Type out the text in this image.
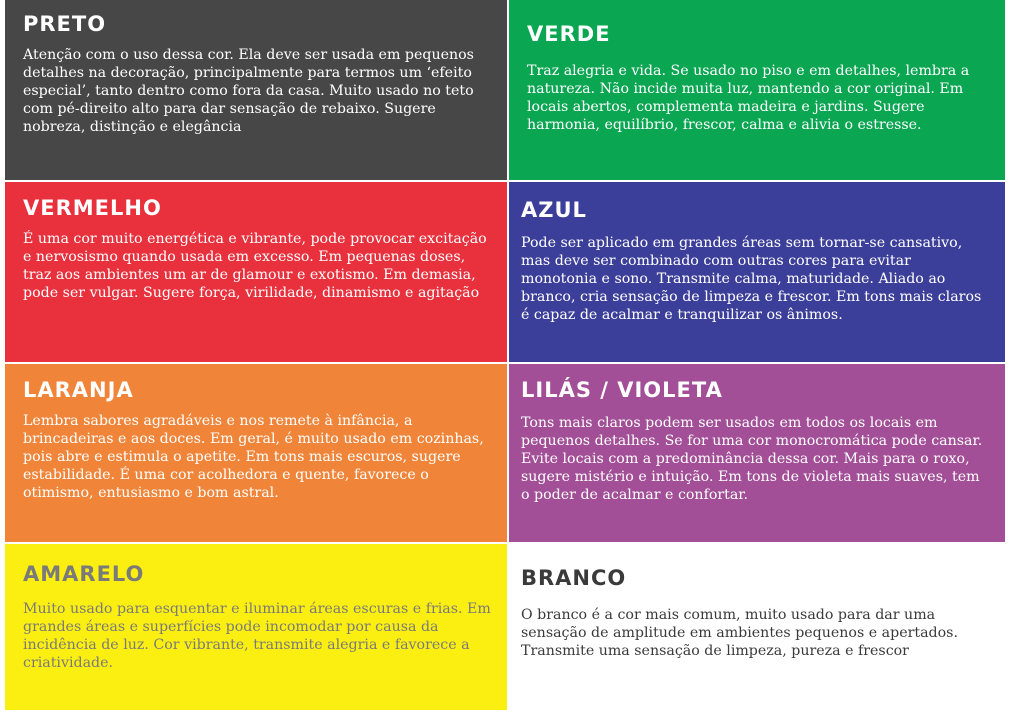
PRETO

Atenção com o uso dessa cor. Ela deve ser usada em pequenos detalhes na decoração, principalmente para termos um ‘efeito especial’, tanto dentro como fora da casa. Muito usado no teto com pé-direito alto para dar sensação de rebaixo. Sugere nobreza, distinção e elegância

VERDE

Traz alegria e vida. Se usado no piso e em detalhes, lembra a natureza. Não incide muita luz, mantendo a cor original. Em locais abertos, complementa madeira e jardins. Sugere harmonia, equilíbrio, frescor, calma e alivia o estresse.

VERMELHO

É uma cor muito energética e vibrante, pode provocar excitação e nervosismo quando usada em excesso. Em pequenas doses, traz aos ambientes um ar de glamour e exotismo. Em demasia, pode ser vulgar. Sugere força, virilidade, dinamismo e agitação

AZUL

Pode ser aplicado em grandes áreas sem tornar-se cansativo, mas deve ser combinado com outras cores para evitar monotonia e sono. Transmite calma, maturidade. Aliado ao branco, cria sensação de limpeza e frescor. Em tons mais claros é capaz de acalmar e tranquilizar os ânimos.

LARANJA

Lembra sabores agradáveis e nos remete à infância, a brincadeiras e aos doces. Em geral, é muito usado em cozinhas, pois abre e estimula o apetite. Em tons mais escuros, sugere estabilidade. É uma cor acolhedora e quente, favorece o otimismo, entusiasmo e bom astral.

LILÁS / VIOLETA

Tons mais claros podem ser usados em todos os locais em pequenos detalhes. Se for uma cor monocromática pode cansar. Evite locais com a predominância dessa cor. Mais para o roxo, sugere mistério e intuição. Em tons de violeta mais suaves, tem o poder de acalmar e confortar.

AMARELO

Muito usado para esquentar e iluminar áreas escuras e frias. Em grandes áreas e superfícies pode incomodar por causa da incidência de luz. Cor vibrante, transmite alegria e favorece a criatividade.

BRANCO

O branco é a cor mais comum, muito usado para dar uma sensação de amplitude em ambientes pequenos e apertados. Transmite uma sensação de limpeza, pureza e frescor
